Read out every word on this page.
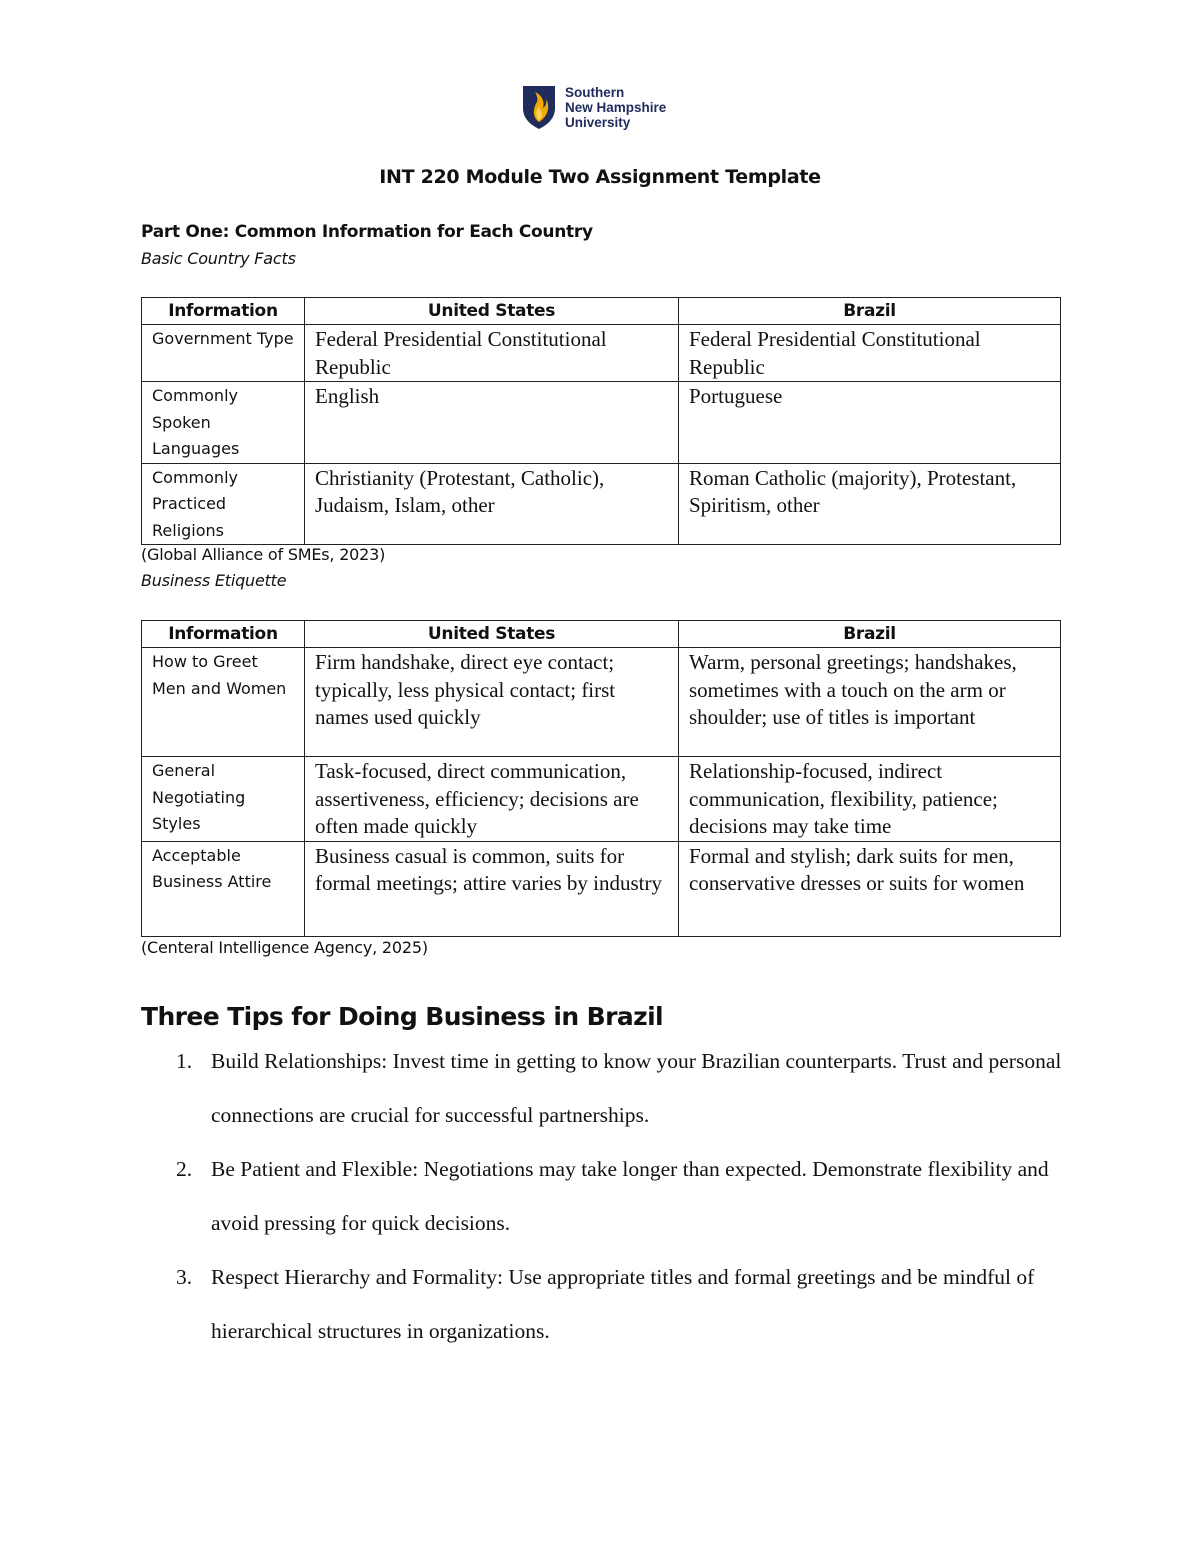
Southern
New Hampshire
University
INT 220 Module Two Assignment Template
Part One: Common Information for Each Country
Basic Country Facts
Information	United States	Brazil
Government Type	Federal Presidential Constitutional Republic	Federal Presidential Constitutional Republic
Commonly Spoken Languages	English	Portuguese
Commonly Practiced Religions	Christianity (Protestant, Catholic), Judaism, Islam, other	Roman Catholic (majority), Protestant, Spiritism, other
(Global Alliance of SMEs, 2023)
Business Etiquette
Information	United States	Brazil
How to Greet Men and Women	Firm handshake, direct eye contact; typically, less physical contact; first names used quickly	Warm, personal greetings; handshakes, sometimes with a touch on the arm or shoulder; use of titles is important
General Negotiating Styles	Task-focused, direct communication, assertiveness, efficiency; decisions are often made quickly	Relationship-focused, indirect communication, flexibility, patience; decisions may take time
Acceptable Business Attire	Business casual is common, suits for formal meetings; attire varies by industry	Formal and stylish; dark suits for men, conservative dresses or suits for women
(Centeral Intelligence Agency, 2025)
Three Tips for Doing Business in Brazil
1. Build Relationships: Invest time in getting to know your Brazilian counterparts. Trust and personal connections are crucial for successful partnerships.
2. Be Patient and Flexible: Negotiations may take longer than expected. Demonstrate flexibility and avoid pressing for quick decisions.
3. Respect Hierarchy and Formality: Use appropriate titles and formal greetings and be mindful of hierarchical structures in organizations.
